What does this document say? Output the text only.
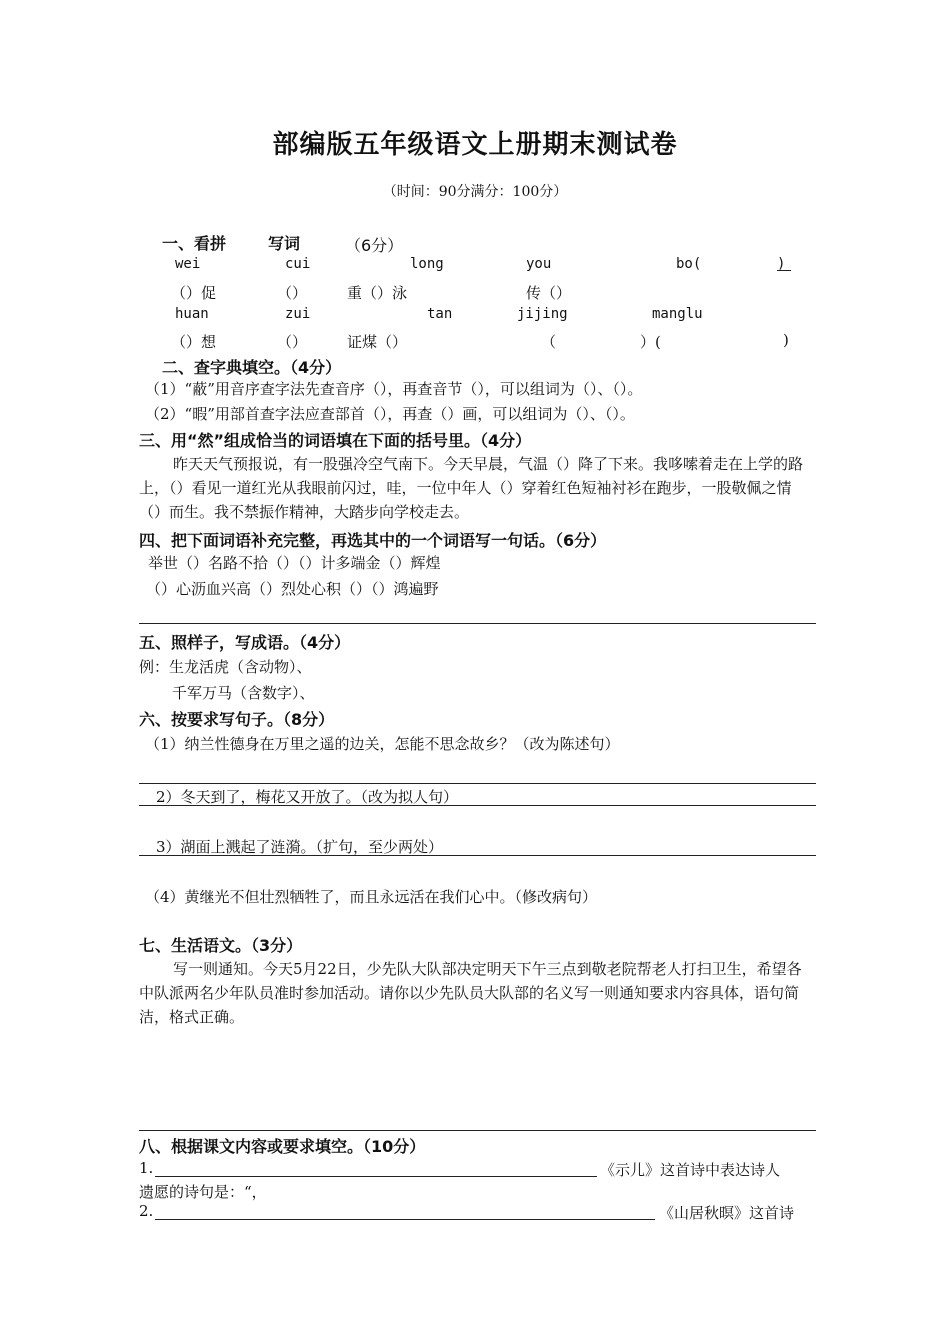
部编版五年级语文上册期末测试卷
（时间：90分满分：100分）
一、看拼	写词	（6分）
wei	cui	long	you	bo(	)
（）促	（）	重（）泳	传（）
huan	zui	tan	jijing	manglu
（）想	（）	证煤（）	（	）(	)
二、查字典填空。（4分）
（1）“蔽”用音序查字法先查音序（），再查音节（），可以组词为（）、（）。
（2）“暇”用部首查字法应查部首（），再查（）画，可以组词为（）、（）。
三、用“然”组成恰当的词语填在下面的括号里。（4分）
昨天天气预报说，有一股强冷空气南下。今天早晨，气温（）降了下来。我哆嗦着走在上学的路上，（）看见一道红光从我眼前闪过，哇，一位中年人（）穿着红色短袖衬衫在跑步，一股敬佩之情（）而生。我不禁振作精神，大踏步向学校走去。
四、把下面词语补充完整，再选其中的一个词语写一句话。（6分）
举世（）名路不拾（）（）计多端金（）辉煌
（）心沥血兴高（）烈处心积（）（）鸿遍野
五、照样子，写成语。（4分）
例：生龙活虎（含动物）、
千军万马（含数字）、
六、按要求写句子。（8分）
（1）纳兰性德身在万里之遥的边关，怎能不思念故乡？（改为陈述句）
2）冬天到了，梅花又开放了。（改为拟人句）
3）湖面上溅起了涟漪。（扩句，至少两处）
（4）黄继光不但壮烈牺牲了，而且永远活在我们心中。（修改病句）
七、生活语文。（3分）
写一则通知。今天5月22日，少先队大队部决定明天下午三点到敬老院帮老人打扫卫生，希望各中队派两名少年队员准时参加活动。请你以少先队员大队部的名义写一则通知要求内容具体，语句简洁，格式正确。
八、根据课文内容或要求填空。（10分）
1.	《示儿》这首诗中表达诗人
遗愿的诗句是：“，
2.	《山居秋暝》这首诗
